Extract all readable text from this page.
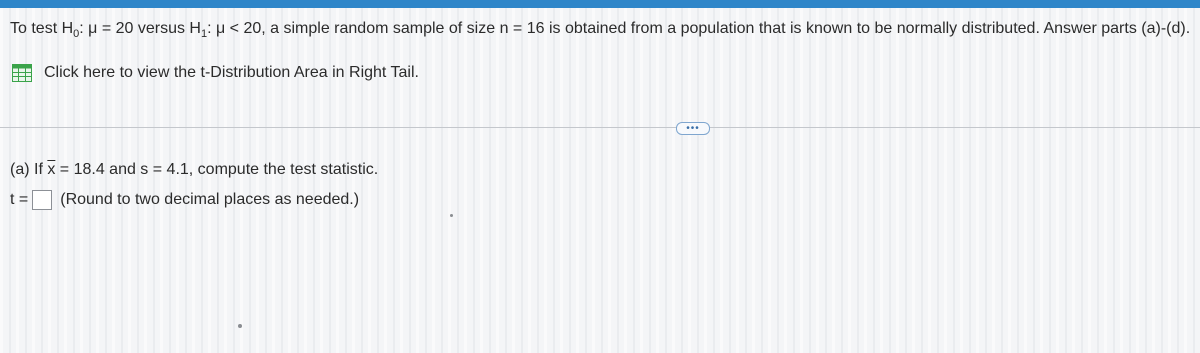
To test $H_0$: μ = 20 versus $H_1$: μ < 20, a simple random sample of size n = 16 is obtained from a population that is known to be normally distributed. Answer parts (a)-(d).
Click here to view the t-Distribution Area in Right Tail.
•••
(a) If $\overline{x} = 18.4$ and s = 4.1, compute the test statistic.
t = (Round to two decimal places as needed.)
